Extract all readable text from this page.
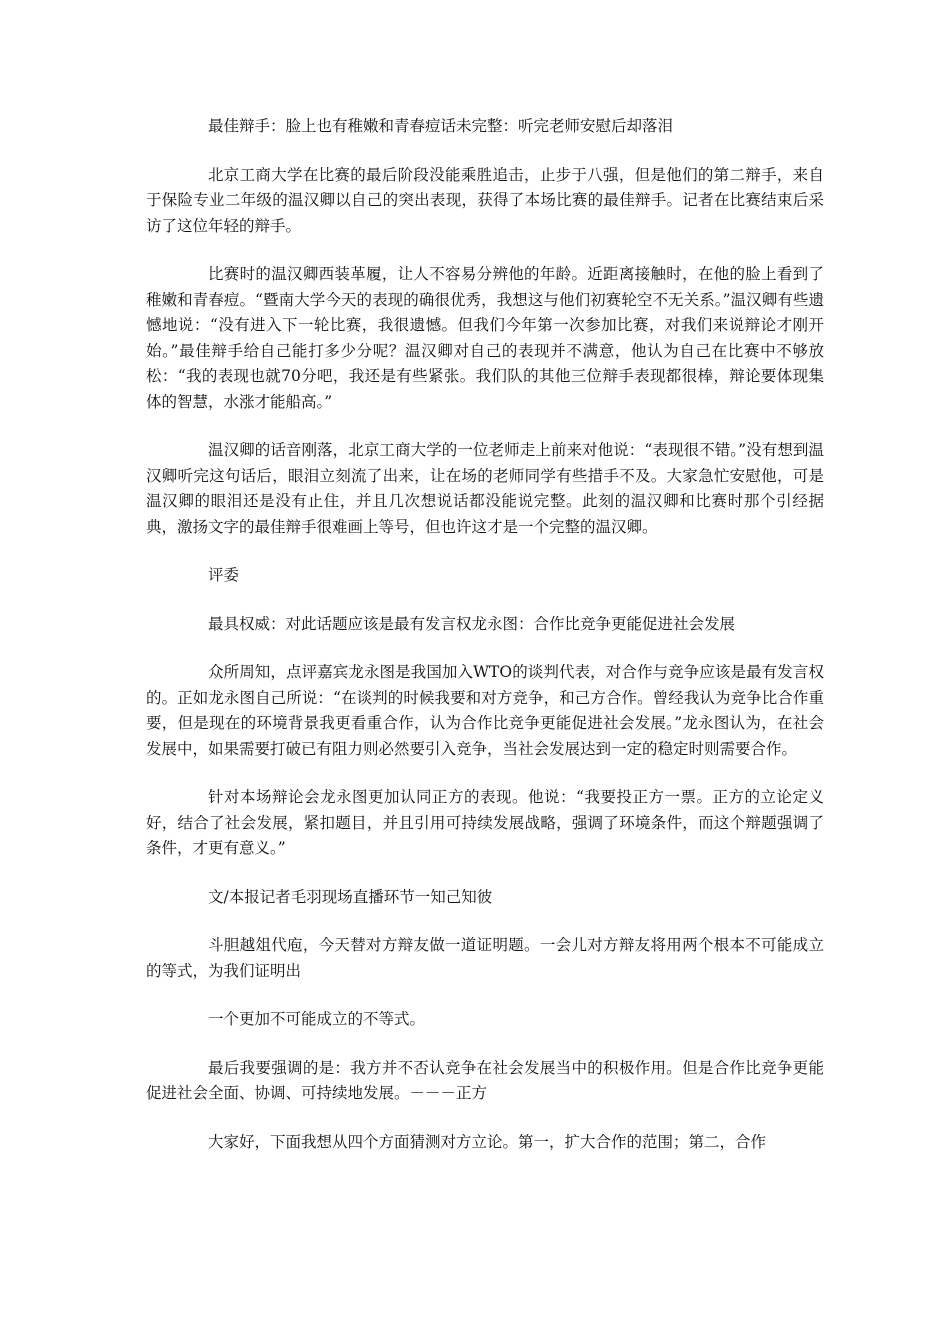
最佳辩手：脸上也有稚嫩和青春痘话未完整：听完老师安慰后却落泪

北京工商大学在比赛的最后阶段没能乘胜追击，止步于八强，但是他们的第二辩手，来自于保险专业二年级的温汉卿以自己的突出表现，获得了本场比赛的最佳辩手。记者在比赛结束后采访了这位年轻的辩手。

比赛时的温汉卿西装革履，让人不容易分辨他的年龄。近距离接触时，在他的脸上看到了稚嫩和青春痘。“暨南大学今天的表现的确很优秀，我想这与他们初赛轮空不无关系。”温汉卿有些遗憾地说：“没有进入下一轮比赛，我很遗憾。但我们今年第一次参加比赛，对我们来说辩论才刚开始。”最佳辩手给自己能打多少分呢？温汉卿对自己的表现并不满意，他认为自己在比赛中不够放松：“我的表现也就70分吧，我还是有些紧张。我们队的其他三位辩手表现都很棒，辩论要体现集体的智慧，水涨才能船高。”

温汉卿的话音刚落，北京工商大学的一位老师走上前来对他说：“表现很不错。”没有想到温汉卿听完这句话后，眼泪立刻流了出来，让在场的老师同学有些措手不及。大家急忙安慰他，可是温汉卿的眼泪还是没有止住，并且几次想说话都没能说完整。此刻的温汉卿和比赛时那个引经据典，激扬文字的最佳辩手很难画上等号，但也许这才是一个完整的温汉卿。

评委

最具权威：对此话题应该是最有发言权龙永图：合作比竞争更能促进社会发展

众所周知，点评嘉宾龙永图是我国加入WTO的谈判代表，对合作与竞争应该是最有发言权的。正如龙永图自己所说：“在谈判的时候我要和对方竞争，和己方合作。曾经我认为竞争比合作重要，但是现在的环境背景我更看重合作，认为合作比竞争更能促进社会发展。”龙永图认为，在社会发展中，如果需要打破已有阻力则必然要引入竞争，当社会发展达到一定的稳定时则需要合作。

针对本场辩论会龙永图更加认同正方的表现。他说：“我要投正方一票。正方的立论定义好，结合了社会发展，紧扣题目，并且引用可持续发展战略，强调了环境条件，而这个辩题强调了条件，才更有意义。”

文/本报记者毛羽现场直播环节一知己知彼

斗胆越俎代庖，今天替对方辩友做一道证明题。一会儿对方辩友将用两个根本不可能成立的等式，为我们证明出

一个更加不可能成立的不等式。

最后我要强调的是：我方并不否认竞争在社会发展当中的积极作用。但是合作比竞争更能促进社会全面、协调、可持续地发展。－－－正方

大家好，下面我想从四个方面猜测对方立论。第一，扩大合作的范围；第二，合作
